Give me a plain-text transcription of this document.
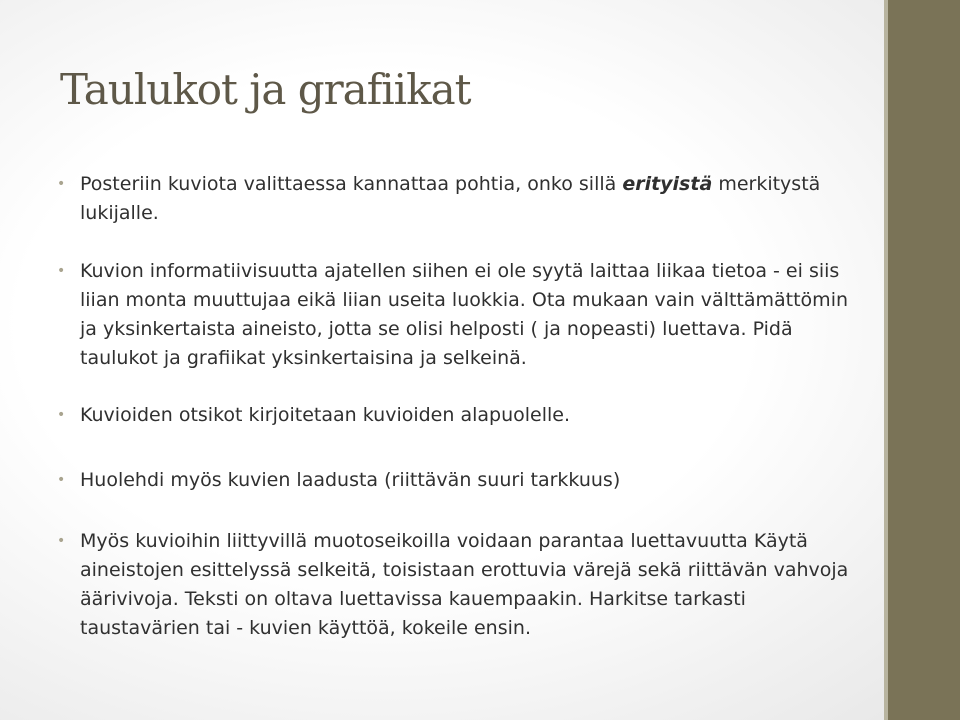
Taulukot ja grafiikat
• Posteriin kuviota valittaessa kannattaa pohtia, onko sillä erityistä merkitystä lukijalle.
• Kuvion informatiivisuutta ajatellen siihen ei ole syytä laittaa liikaa tietoa - ei siis liian monta muuttujaa eikä liian useita luokkia. Ota mukaan vain välttämättömin ja yksinkertaista aineisto, jotta se olisi helposti ( ja nopeasti) luettava. Pidä taulukot ja grafiikat yksinkertaisina ja selkeinä.
• Kuvioiden otsikot kirjoitetaan kuvioiden alapuolelle.
• Huolehdi myös kuvien laadusta (riittävän suuri tarkkuus)
• Myös kuvioihin liittyvillä muotoseikoilla voidaan parantaa luettavuutta Käytä aineistojen esittelyssä selkeitä, toisistaan erottuvia värejä sekä riittävän vahvoja äärivivoja. Teksti on oltava luettavissa kauempaakin. Harkitse tarkasti taustavärien tai - kuvien käyttöä, kokeile ensin.
